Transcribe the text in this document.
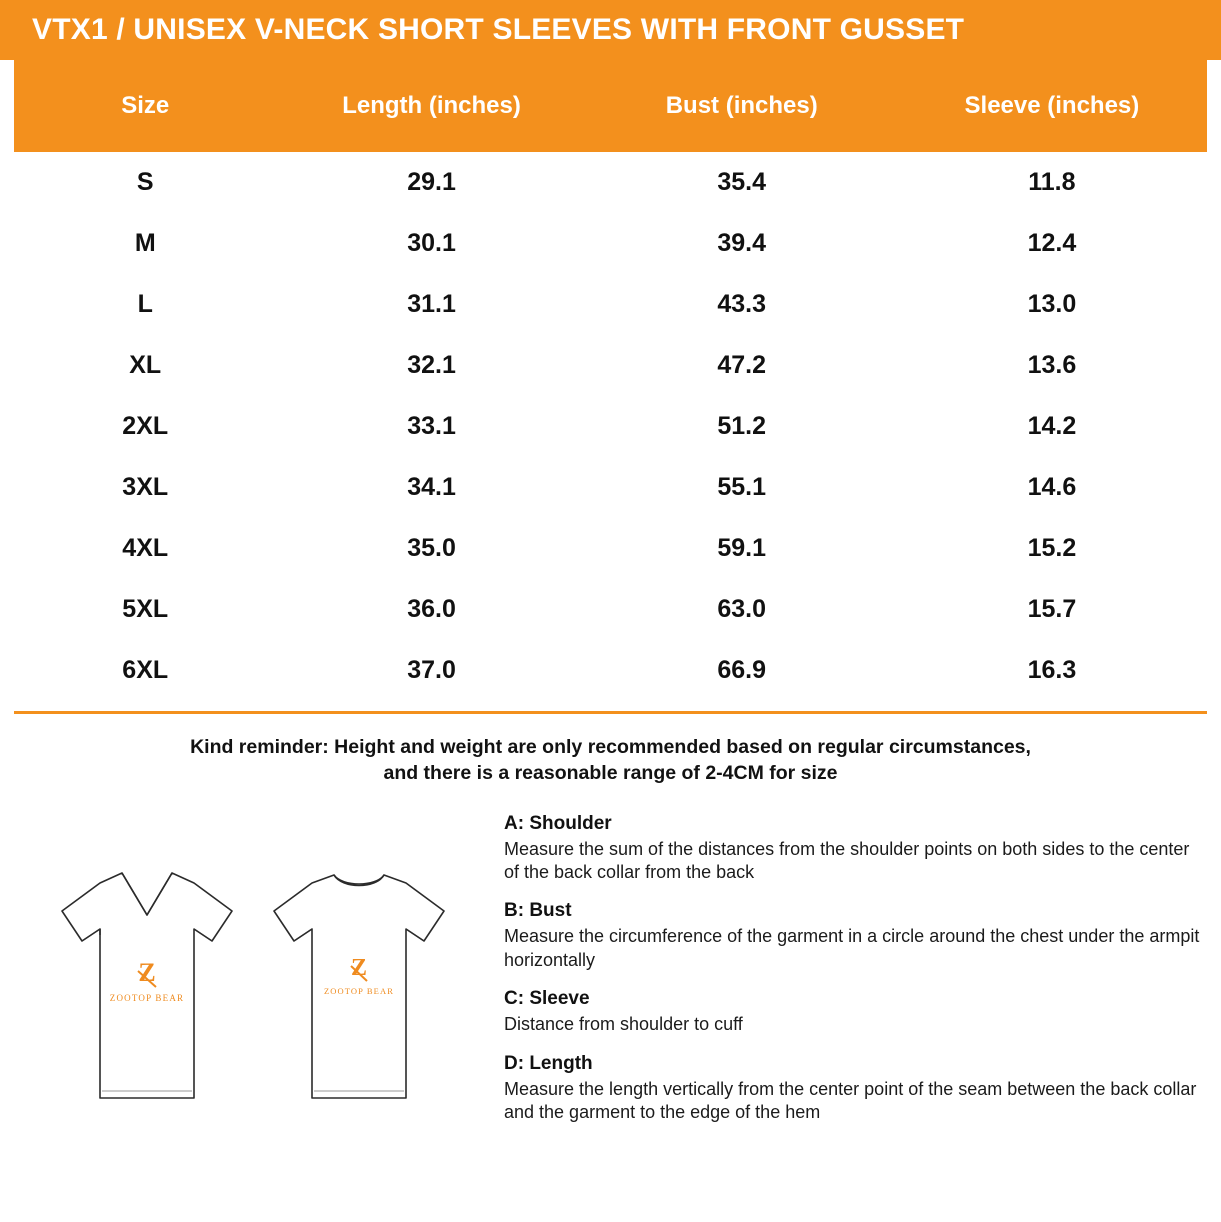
VTX1 / UNISEX V-NECK SHORT SLEEVES WITH FRONT GUSSET
Size	Length (inches)	Bust (inches)	Sleeve (inches)
S	29.1	35.4	11.8
M	30.1	39.4	12.4
L	31.1	43.3	13.0
XL	32.1	47.2	13.6
2XL	33.1	51.2	14.2
3XL	34.1	55.1	14.6
4XL	35.0	59.1	15.2
5XL	36.0	63.0	15.7
6XL	37.0	66.9	16.3
Kind reminder: Height and weight are only recommended based on regular circumstances,
and there is a reasonable range of 2-4CM for size
Z
ZOOTOP BEAR
Z
ZOOTOP BEAR
A: Shoulder
Measure the sum of the distances from the shoulder points on both sides to the center of the back collar from the back
B: Bust
Measure the circumference of the garment in a circle around the chest under the armpit horizontally
C: Sleeve
Distance from shoulder to cuff
D: Length
Measure the length vertically from the center point of the seam between the back collar and the garment to the edge of the hem
